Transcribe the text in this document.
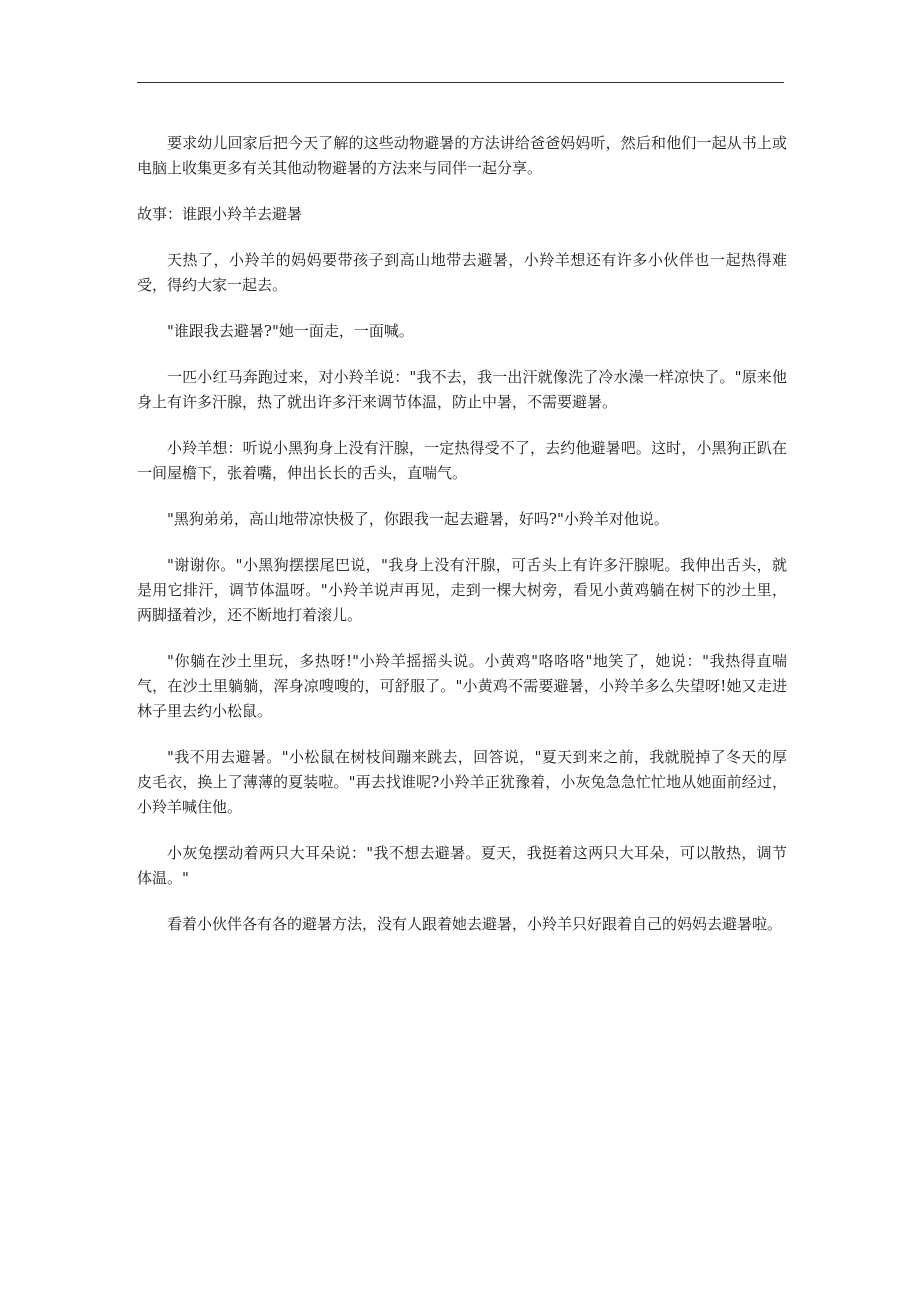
要求幼儿回家后把今天了解的这些动物避暑的方法讲给爸爸妈妈听，然后和他们一起从书上或电脑上收集更多有关其他动物避暑的方法来与同伴一起分享。

故事：谁跟小羚羊去避暑

天热了，小羚羊的妈妈要带孩子到高山地带去避暑，小羚羊想还有许多小伙伴也一起热得难受，得约大家一起去。

"谁跟我去避暑?"她一面走，一面喊。

一匹小红马奔跑过来，对小羚羊说："我不去，我一出汗就像洗了冷水澡一样凉快了。"原来他身上有许多汗腺，热了就出许多汗来调节体温，防止中暑，不需要避暑。

小羚羊想：听说小黑狗身上没有汗腺，一定热得受不了，去约他避暑吧。这时，小黑狗正趴在一间屋檐下，张着嘴，伸出长长的舌头，直喘气。

"黑狗弟弟，高山地带凉快极了，你跟我一起去避暑，好吗?"小羚羊对他说。

"谢谢你。"小黑狗摆摆尾巴说，"我身上没有汗腺，可舌头上有许多汗腺呢。我伸出舌头，就是用它排汗，调节体温呀。"小羚羊说声再见，走到一棵大树旁，看见小黄鸡躺在树下的沙土里，两脚搔着沙，还不断地打着滚儿。

"你躺在沙土里玩，多热呀!"小羚羊摇摇头说。小黄鸡"咯咯咯"地笑了，她说："我热得直喘气，在沙土里躺躺，浑身凉嗖嗖的，可舒服了。"小黄鸡不需要避暑，小羚羊多么失望呀!她又走进林子里去约小松鼠。

"我不用去避暑。"小松鼠在树枝间蹦来跳去，回答说，"夏天到来之前，我就脱掉了冬天的厚皮毛衣，换上了薄薄的夏装啦。"再去找谁呢?小羚羊正犹豫着，小灰兔急急忙忙地从她面前经过，小羚羊喊住他。

小灰兔摆动着两只大耳朵说："我不想去避暑。夏天，我挺着这两只大耳朵，可以散热，调节体温。"

看着小伙伴各有各的避暑方法，没有人跟着她去避暑，小羚羊只好跟着自己的妈妈去避暑啦。
